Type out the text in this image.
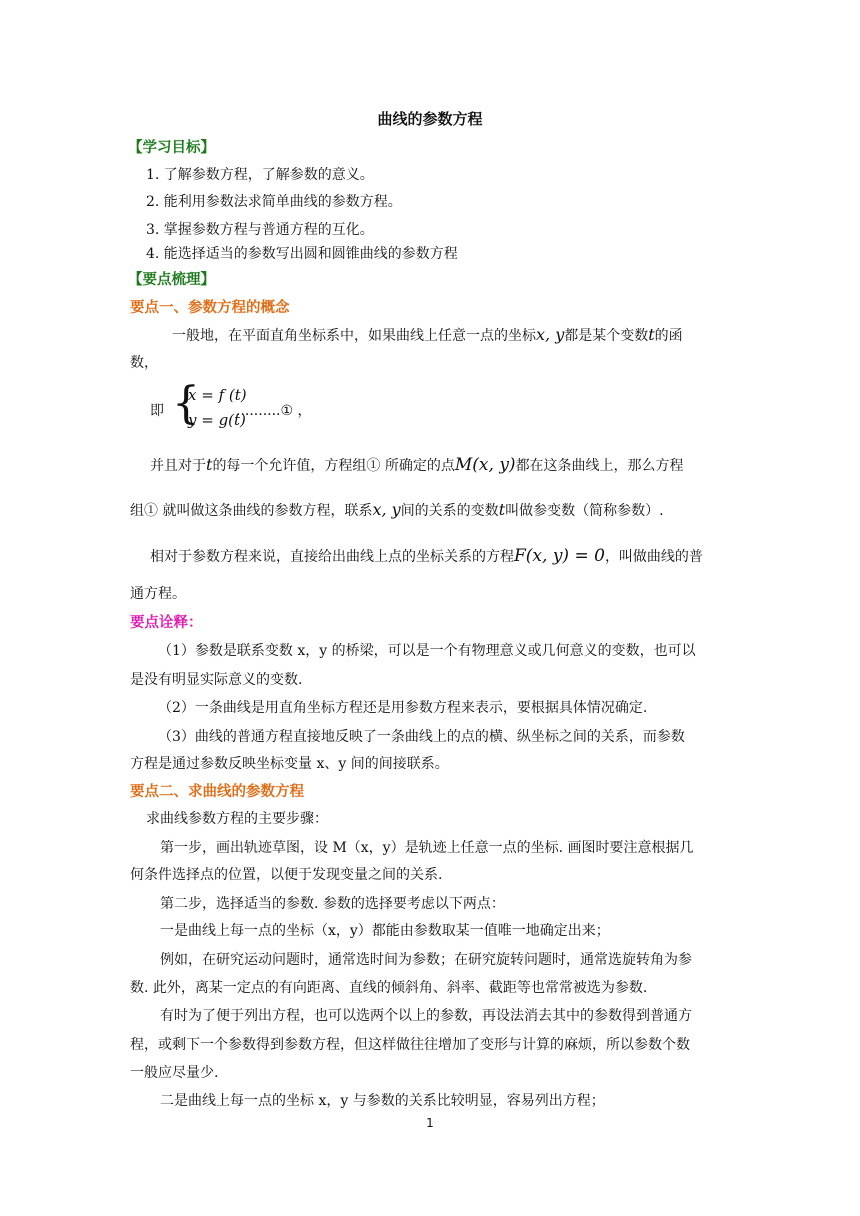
曲线的参数方程
【学习目标】
1. 了解参数方程，了解参数的意义。
2. 能利用参数法求简单曲线的参数方程。
3. 掌握参数方程与普通方程的互化。
4. 能选择适当的参数写出圆和圆锥曲线的参数方程
【要点梳理】
要点一、参数方程的概念
一般地，在平面直角坐标系中，如果曲线上任意一点的坐标x, y都是某个变数t的函
数，
即 {
x = f (t)
y = g(t)
..........① ，
并且对于t的每一个允许值，方程组① 所确定的点M(x, y)都在这条曲线上，那么方程
组① 就叫做这条曲线的参数方程，联系x, y间的关系的变数t叫做参变数（简称参数）.
相对于参数方程来说，直接给出曲线上点的坐标关系的方程F(x, y) = 0，叫做曲线的普
通方程。
要点诠释：
（1）参数是联系变数 x，y 的桥梁，可以是一个有物理意义或几何意义的变数，也可以
是没有明显实际意义的变数.
（2）一条曲线是用直角坐标方程还是用参数方程来表示，要根据具体情况确定.
（3）曲线的普通方程直接地反映了一条曲线上的点的横、纵坐标之间的关系，而参数
方程是通过参数反映坐标变量 x、y 间的间接联系。
要点二、求曲线的参数方程
求曲线参数方程的主要步骤：
第一步，画出轨迹草图，设 M（x，y）是轨迹上任意一点的坐标. 画图时要注意根据几
何条件选择点的位置，以便于发现变量之间的关系.
第二步，选择适当的参数. 参数的选择要考虑以下两点：
一是曲线上每一点的坐标（x，y）都能由参数取某一值唯一地确定出来；
例如，在研究运动问题时，通常选时间为参数；在研究旋转问题时，通常选旋转角为参
数. 此外，离某一定点的有向距离、直线的倾斜角、斜率、截距等也常常被选为参数.
有时为了便于列出方程，也可以选两个以上的参数，再设法消去其中的参数得到普通方
程，或剩下一个参数得到参数方程，但这样做往往增加了变形与计算的麻烦，所以参数个数
一般应尽量少.
二是曲线上每一点的坐标 x，y 与参数的关系比较明显，容易列出方程；
1
